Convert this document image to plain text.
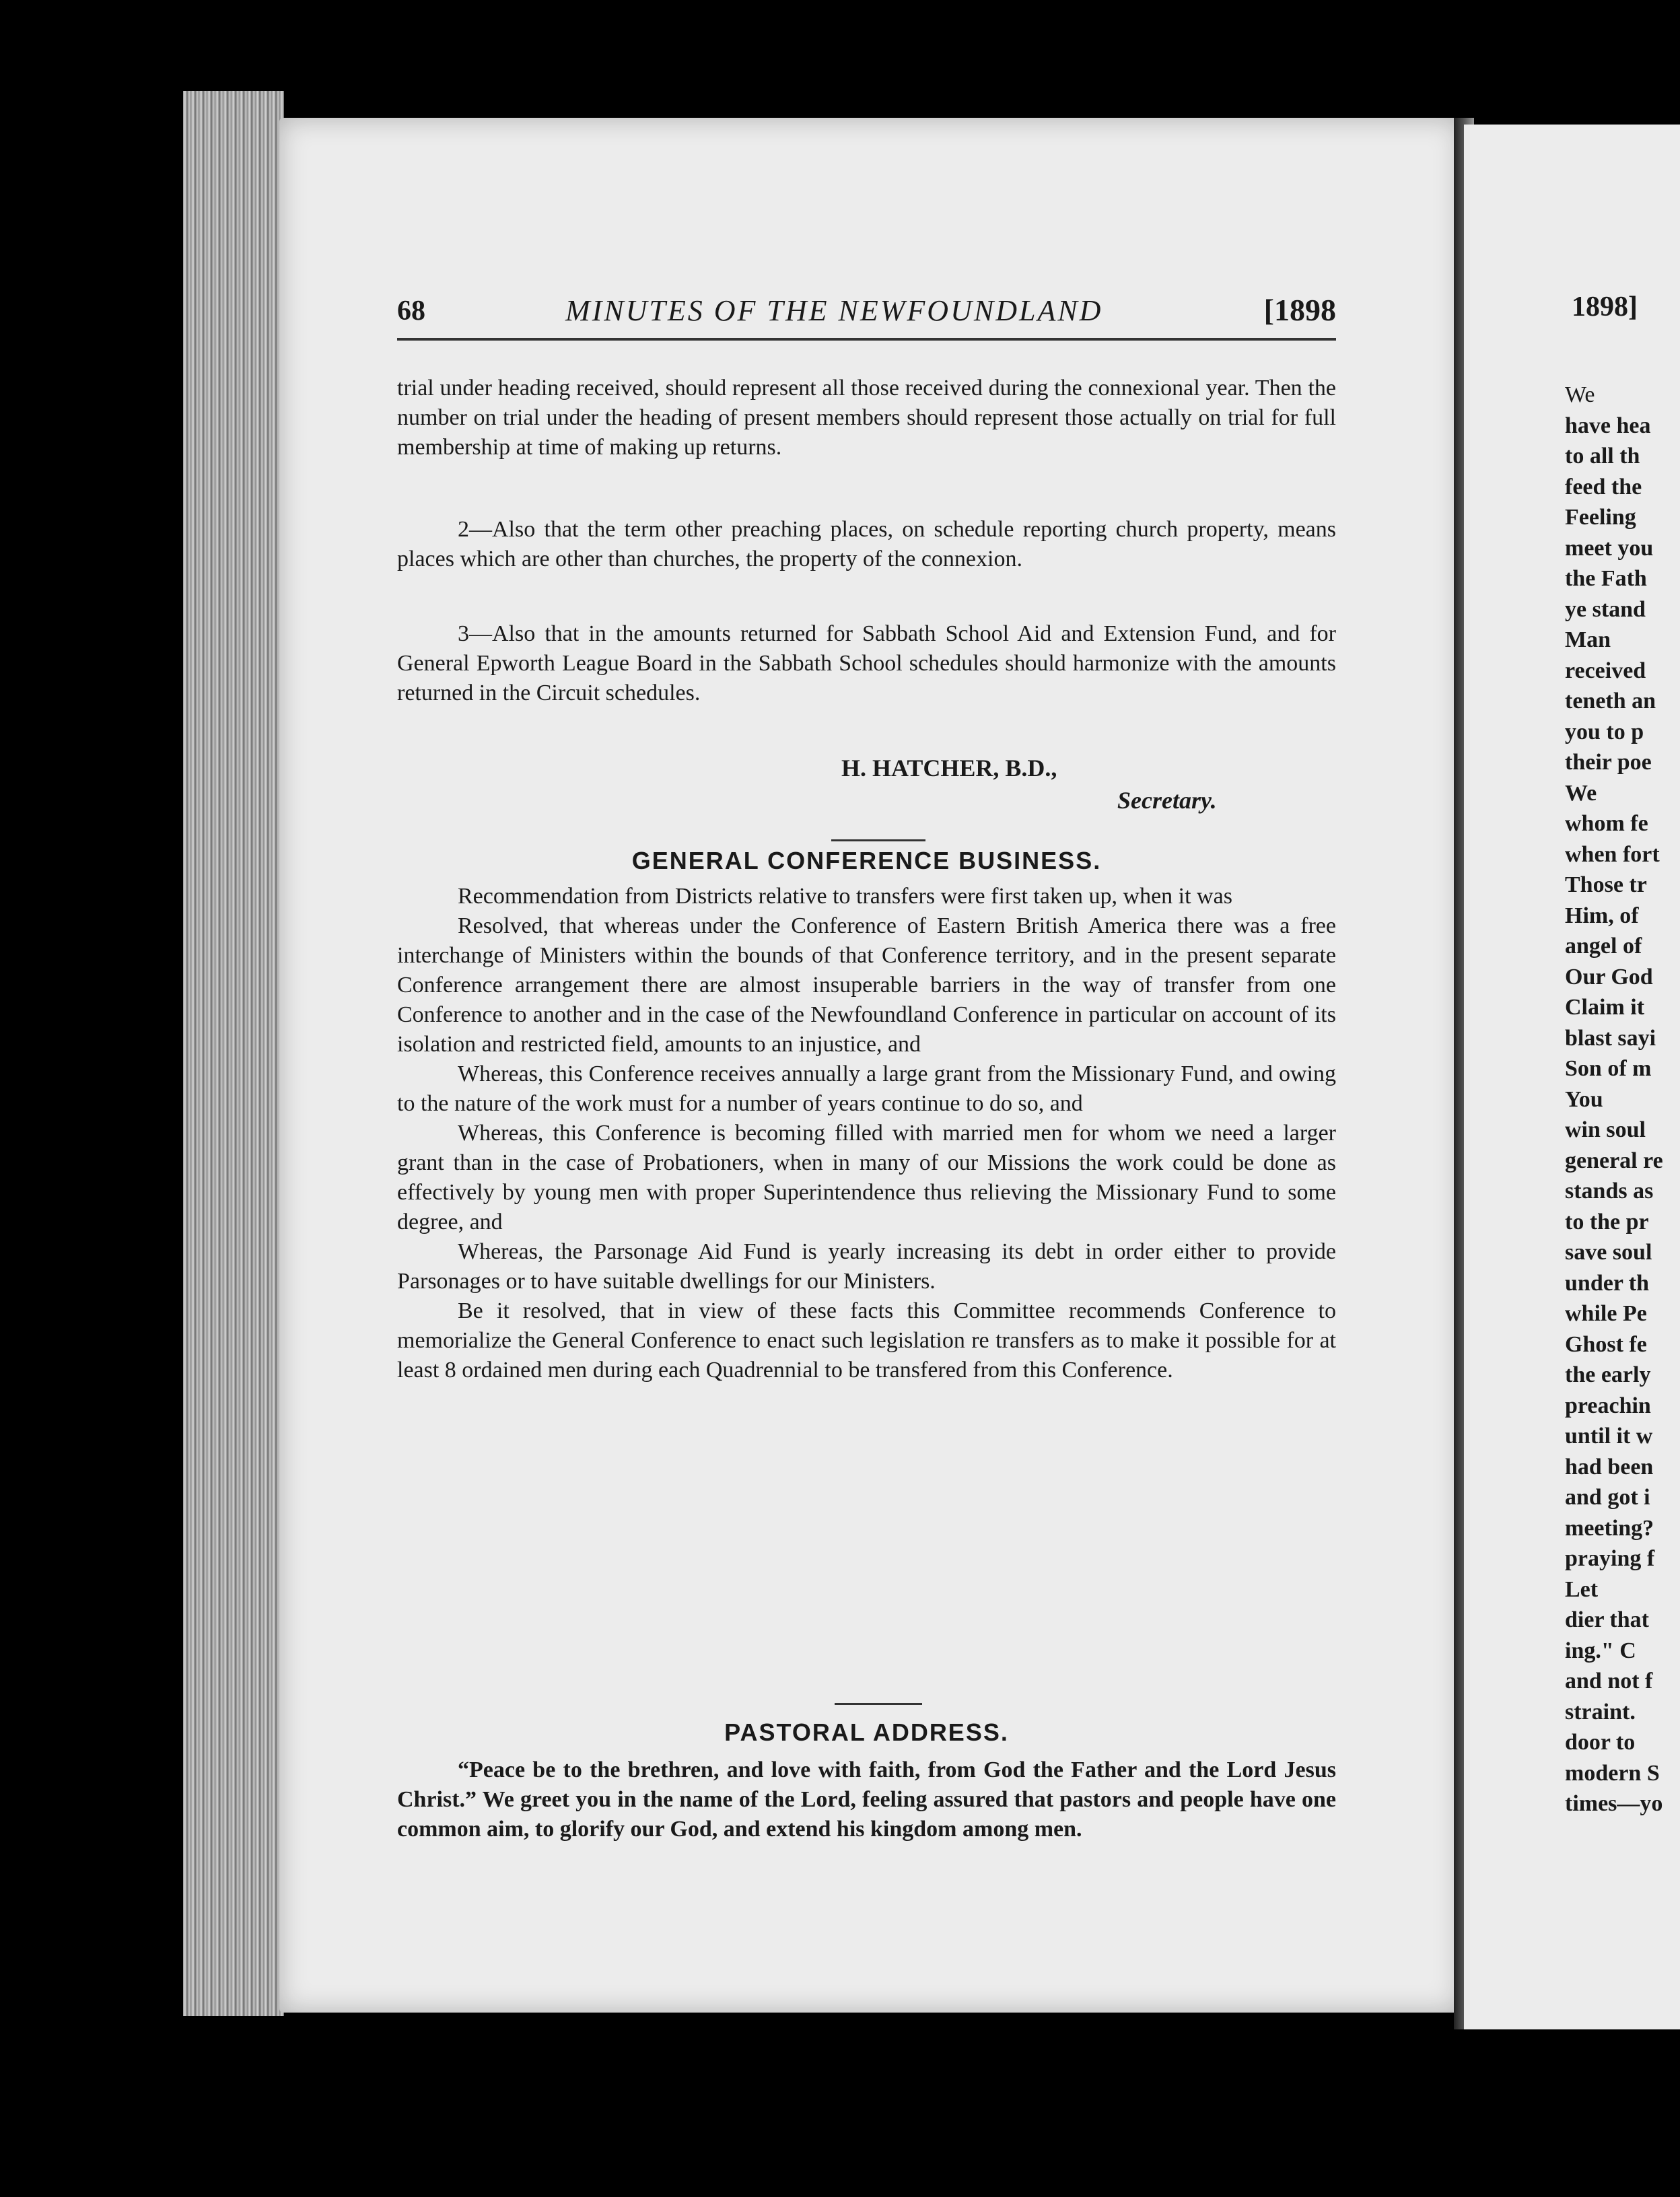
68	MINUTES OF THE NEWFOUNDLAND	[1898

trial under heading received, should represent all those received during the connexional year. Then the number on trial under the heading of present members should represent those actually on trial for full membership at time of making up returns.

2—Also that the term other preaching places, on schedule reporting church property, means places which are other than churches, the property of the connexion.

3—Also that in the amounts returned for Sabbath School Aid and Extension Fund, and for General Epworth League Board in the Sabbath School schedules should harmonize with the amounts returned in the Circuit schedules.

H. HATCHER, B.D.,
Secretary.
GENERAL CONFERENCE BUSINESS.

Recommendation from Districts relative to transfers were first taken up, when it was

Resolved, that whereas under the Conference of Eastern British America there was a free interchange of Ministers within the bounds of that Conference territory, and in the present separate Conference arrangement there are almost insuperable barriers in the way of transfer from one Conference to another and in the case of the Newfoundland Conference in particular on account of its isolation and restricted field, amounts to an injustice, and

Whereas, this Conference receives annually a large grant from the Missionary Fund, and owing to the nature of the work must for a number of years continue to do so, and

Whereas, this Conference is becoming filled with married men for whom we need a larger grant than in the case of Probationers, when in many of our Missions the work could be done as effectively by young men with proper Superintendence thus relieving the Missionary Fund to some degree, and

Whereas, the Parsonage Aid Fund is yearly increasing its debt in order either to provide Parsonages or to have suitable dwellings for our Ministers.

Be it resolved, that in view of these facts this Committee recommends Conference to memorialize the General Conference to enact such legislation re transfers as to make it possible for at least 8 ordained men during each Quadrennial to be transfered from this Conference.

PASTORAL ADDRESS.

“Peace be to the brethren, and love with faith, from God the Father and the Lord Jesus Christ.” We greet you in the name of the Lord, feeling assured that pastors and people have one common aim, to glorify our God, and extend his kingdom among men.

1898]
We
have hea
to all th
feed the
Feeling
meet you
the Fath
ye stand
Man
received
teneth an
you to p
their poe
We
whom fe
when fort
Those tr
Him, of
angel of
Our God
Claim it
blast sayi
Son of m
You
win soul
general re
stands as
to the pr
save soul
under th
while Pe
Ghost fe
the early
preachin
until it w
had been
and got i
meeting?
praying f
Let
dier that
ing." C
and not f
straint.
door to
modern S
times—yo
